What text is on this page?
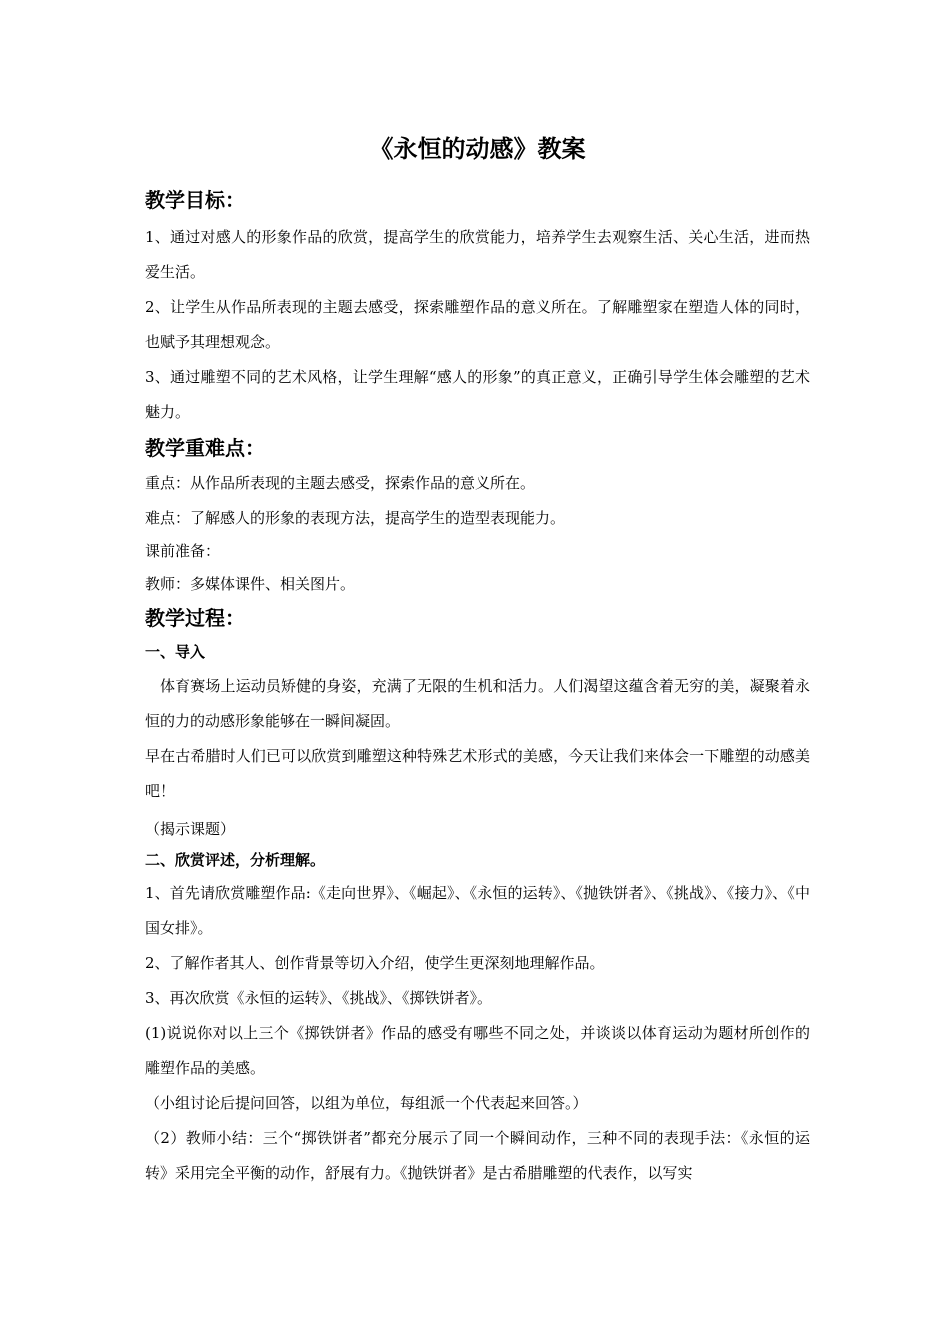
《永恒的动感》教案
教学目标：
1、通过对感人的形象作品的欣赏，提高学生的欣赏能力，培养学生去观察生活、关心生活，进而热爱生活。
2、让学生从作品所表现的主题去感受，探索雕塑作品的意义所在。了解雕塑家在塑造人体的同时，也赋予其理想观念。
3、通过雕塑不同的艺术风格，让学生理解“感人的形象”的真正意义，正确引导学生体会雕塑的艺术魅力。
教学重难点：
重点：从作品所表现的主题去感受，探索作品的意义所在。
难点：了解感人的形象的表现方法，提高学生的造型表现能力。
课前准备：
教师：多媒体课件、相关图片。
教学过程：
一、导入
体育赛场上运动员矫健的身姿，充满了无限的生机和活力。人们渴望这蕴含着无穷的美，凝聚着永恒的力的动感形象能够在一瞬间凝固。
早在古希腊时人们已可以欣赏到雕塑这种特殊艺术形式的美感，今天让我们来体会一下雕塑的动感美吧！
（揭示课题）
二、欣赏评述，分析理解。
1、首先请欣赏雕塑作品:《走向世界》、《崛起》、《永恒的运转》、《抛铁饼者》、《挑战》、《接力》、《中国女排》。
2、了解作者其人、创作背景等切入介绍，使学生更深刻地理解作品。
3、再次欣赏《永恒的运转》、《挑战》、《掷铁饼者》。
(1)说说你对以上三个《掷铁饼者》作品的感受有哪些不同之处，并谈谈以体育运动为题材所创作的雕塑作品的美感。
（小组讨论后提问回答，以组为单位，每组派一个代表起来回答。）
（2）教师小结：三个“掷铁饼者”都充分展示了同一个瞬间动作，三种不同的表现手法：《永恒的运转》采用完全平衡的动作，舒展有力。《抛铁饼者》是古希腊雕塑的代表作，以写实
